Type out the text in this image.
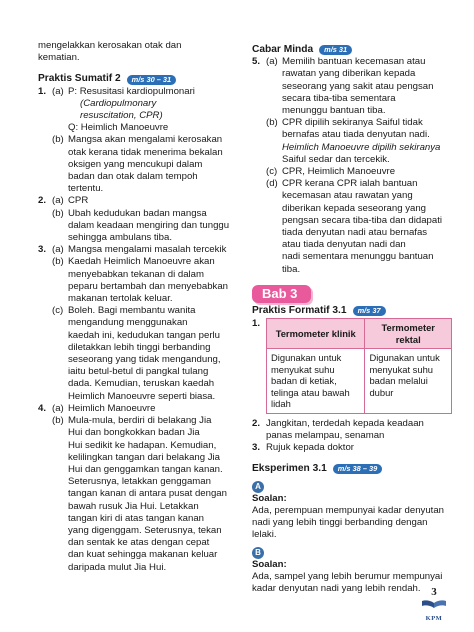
mengelakkan kerosakan otak dan

kematian.

Praktis Sumatif 2	m/s 30 – 31

1. (a) P: Resusitasi kardiopulmonari

(Cardiopulmonary

resuscitation, CPR)

Q: Heimlich Manoeuvre

(b) Mangsa akan mengalami kerosakan

otak kerana tidak menerima bekalan

oksigen yang mencukupi dalam

badan dan otak dalam tempoh

tertentu.

2. (a) CPR
(b) Ubah kedudukan badan mangsa

dalam keadaan mengiring dan tunggu

sehingga ambulans tiba.

3. (a) Mangsa mengalami masalah tercekik
(b) Kaedah Heimlich Manoeuvre akan

menyebabkan tekanan di dalam

peparu bertambah dan menyebabkan

makanan tertolak keluar.

(c) Boleh. Bagi membantu wanita

mengandung menggunakan

kaedah ini, kedudukan tangan perlu

diletakkan lebih tinggi berbanding

seseorang yang tidak mengandung,

iaitu betul-betul di pangkal tulang

dada. Kemudian, teruskan kaedah

Heimlich Manoeuvre seperti biasa.

4. (a) Heimlich Manoeuvre
(b) Mula-mula, berdiri di belakang Jia

Hui dan bongkokkan badan Jia

Hui sedikit ke hadapan. Kemudian,

kelilingkan tangan dari belakang Jia

Hui dan genggamkan tangan kanan.

Seterusnya, letakkan genggaman

tangan kanan di antara pusat dengan

bawah rusuk Jia Hui. Letakkan

tangan kiri di atas tangan kanan

yang digenggam. Seterusnya, tekan

dan sentak ke atas dengan cepat

dan kuat sehingga makanan keluar

daripada mulut Jia Hui.

Cabar Minda	m/s 31

5. (a) Memilih bantuan kecemasan atau

rawatan yang diberikan kepada

seseorang yang sakit atau pengsan

secara tiba-tiba sementara

menunggu bantuan tiba.

(b) CPR dipilih sekiranya Saiful tidak

bernafas atau tiada denyutan nadi.

Heimlich Manoeuvre dipilih sekiranya

Saiful sedar dan tercekik.

(c) CPR, Heimlich Manoeuvre
(d) CPR kerana CPR ialah bantuan

kecemasan atau rawatan yang

diberikan kepada seseorang yang

pengsan secara tiba-tiba dan didapati

tiada denyutan nadi atau bernafas

atau tiada denyutan nadi dan

nadi sementara menunggu bantuan

tiba.

Bab 3

Praktis Formatif 3.1	m/s 37

1.
Termometer klinik	Termometer rektal
Digunakan untuk menyukat suhu badan di ketiak, telinga atau bawah lidah	Digunakan untuk menyukat suhu badan melalui dubur
2. Jangkitan, terdedah kepada keadaan

panas melampau, senaman

3. Rujuk kepada doktor

Eksperimen 3.1	m/s 38 – 39

A

Soalan:

Ada, perempuan mempunyai kadar denyutan

nadi yang lebih tinggi berbanding dengan

lelaki.

B

Soalan:

Ada, sampel yang lebih berumur mempunyai

kadar denyutan nadi yang lebih rendah. 3
KPM
